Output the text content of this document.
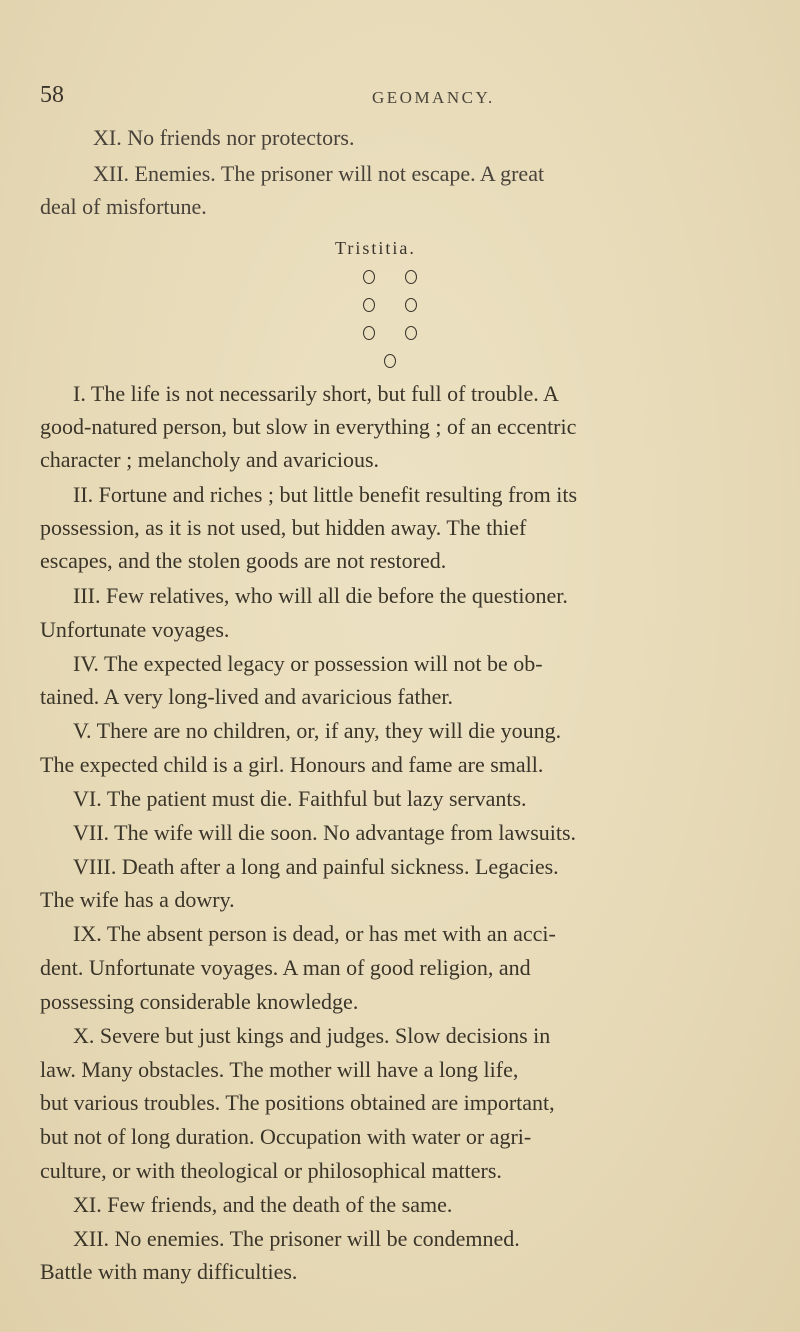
58	GEOMANCY.
XI. No friends nor protectors.
XII. Enemies. The prisoner will not escape. A great
deal of misfortune.
Tristitia.
I. The life is not necessarily short, but full of trouble. A
good-natured person, but slow in everything ; of an eccentric
character ; melancholy and avaricious.
II. Fortune and riches ; but little benefit resulting from its
possession, as it is not used, but hidden away. The thief
escapes, and the stolen goods are not restored.
III. Few relatives, who will all die before the questioner.
Unfortunate voyages.
IV. The expected legacy or possession will not be ob-
tained. A very long-lived and avaricious father.
V. There are no children, or, if any, they will die young.
The expected child is a girl. Honours and fame are small.
VI. The patient must die. Faithful but lazy servants.
VII. The wife will die soon. No advantage from lawsuits.
VIII. Death after a long and painful sickness. Legacies.
The wife has a dowry.
IX. The absent person is dead, or has met with an acci-
dent. Unfortunate voyages. A man of good religion, and
possessing considerable knowledge.
X. Severe but just kings and judges. Slow decisions in
law. Many obstacles. The mother will have a long life,
but various troubles. The positions obtained are important,
but not of long duration. Occupation with water or agri-
culture, or with theological or philosophical matters.
XI. Few friends, and the death of the same.
XII. No enemies. The prisoner will be condemned.
Battle with many difficulties.
